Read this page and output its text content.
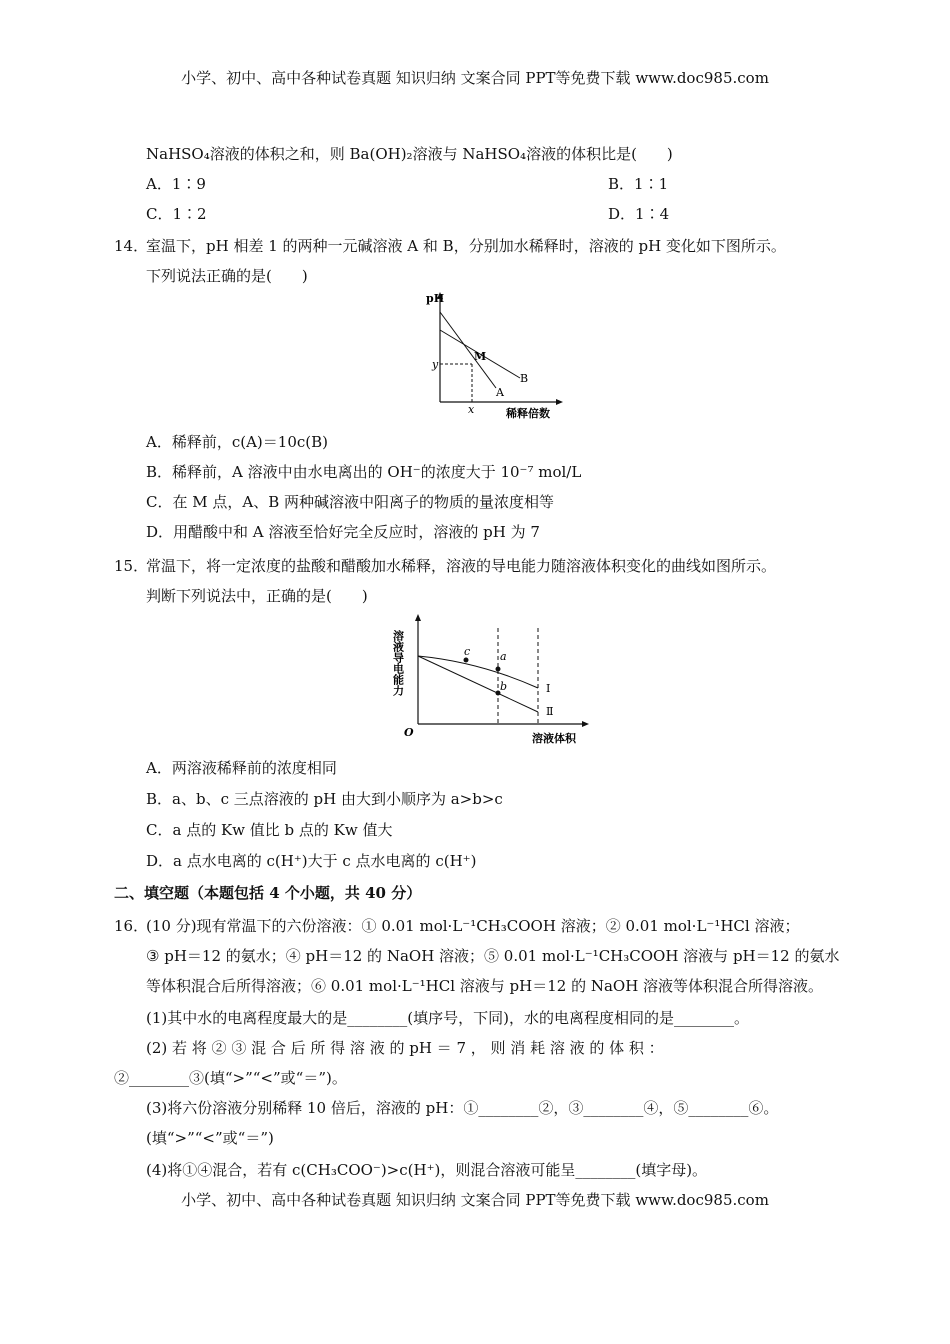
小学、初中、高中各种试卷真题 知识归纳 文案合同 PPT等免费下载 www.doc985.com
NaHSO₄溶液的体积之和，则 Ba(OH)₂溶液与 NaHSO₄溶液的体积比是(　　)
A．1∶9	B．1∶1
C．1∶2	D．1∶4
14．
室温下，pH 相差 1 的两种一元碱溶液 A 和 B，分别加水稀释时，溶液的 pH 变化如下图所示。
下列说法正确的是(　　)
pH
y
x
M
A
B
稀释倍数
A．稀释前，c(A)＝10c(B)
B．稀释前，A 溶液中由水电离出的 OH⁻的浓度大于 10⁻⁷ mol/L
C．在 M 点，A、B 两种碱溶液中阳离子的物质的量浓度相等
D．用醋酸中和 A 溶液至恰好完全反应时，溶液的 pH 为 7
15．
常温下，将一定浓度的盐酸和醋酸加水稀释，溶液的导电能力随溶液体积变化的曲线如图所示。
判断下列说法中，正确的是(　　)
c	a
b	Ⅰ
Ⅱ
O	溶液体积
溶液导电能力
A．两溶液稀释前的浓度相同
B．a、b、c 三点溶液的 pH 由大到小顺序为 a>b>c
C．a 点的 Kw 值比 b 点的 Kw 值大
D．a 点水电离的 c(H⁺)大于 c 点水电离的 c(H⁺)
二、填空题（本题包括 4 个小题，共 40 分）
16．
(10 分)现有常温下的六份溶液：① 0.01 mol·L⁻¹CH₃COOH 溶液；② 0.01 mol·L⁻¹HCl 溶液；
③ pH＝12 的氨水；④ pH＝12 的 NaOH 溶液；⑤ 0.01 mol·L⁻¹CH₃COOH 溶液与 pH＝12 的氨水
等体积混合后所得溶液；⑥ 0.01 mol·L⁻¹HCl 溶液与 pH＝12 的 NaOH 溶液等体积混合所得溶液。
(1)其中水的电离程度最大的是________(填序号，下同)，水的电离程度相同的是________。
(2) 若 将 ② ③ 混 合 后 所 得 溶 液 的 pH ＝ 7 ， 则 消 耗 溶 液 的 体 积 ：
②________③(填“>”“<”或“＝”)。
(3)将六份溶液分别稀释 10 倍后，溶液的 pH：①________②，③________④，⑤________⑥。
(填“>”“<”或“＝”)
(4)将①④混合，若有 c(CH₃COO⁻)>c(H⁺)，则混合溶液可能呈________(填字母)。
小学、初中、高中各种试卷真题 知识归纳 文案合同 PPT等免费下载 www.doc985.com
